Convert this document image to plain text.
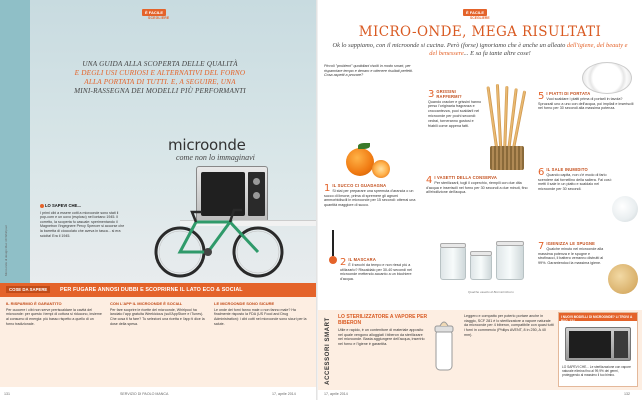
È FACILE
SCEGLIERE
UNA GUIDA ALLA SCOPERTA DELLE QUALITÀ
E DEGLI USI CURIOSI E ALTERNATIVI DEL FORNO
ALLA PORTATA DI TUTTI. E, A SEGUIRE, UNA
MINI-RASSEGNA DEI MODELLI PIÙ PERFORMANTI
microonde
come non lo immaginavi
LO SAPEVI CHE...
I primi cibi a essere cotti a microonde sono stati il pop-corn e un uovo (esploso) nel lontano 1945. Il corretto, la scoperta fu casuale: sperimentando il Magnetron l'ingegnere Percy Spencer si accorse che la barretta di cioccolato che aveva in tasca... si era sciolta! Era il 1945.
Microonde di design Mac 30 Whirlpool
COSE DA SAPERE	PER FUGARE ANNOSI DUBBI E SCOPRIRNE IL LATO ECO & SOCIAL
IL RISPARMIO È GARANTITO
Per cuocere i cibi non serve preriscaldare la cavità del microonde: per questo i tempi di cottura si riducono, insieme al consumo di energia: più basso rispetto a quello di un forno tradizionale.
CON L'APP IL MICROONDE È SOCIAL
Per fare scoprire le ricette del microonde, Whirlpool ha lanciato l'app gratuita Weekicious (sull'AppStore e iTunes). Che cosa ti fa fare? Tu selezioni una ricetta e l'app ti dice la dose della spesa.
LE MICROONDE SONO SICURE
Le onde dei forni fanno male o non fanno male? Ha finalmente risposto la FDA (US Food and Drug Administration): i cibi cotti nel microonde sono sicuri per la salute.
131	SERVIZIO DI PAOLO MANCA	17, aprile 2014
È FACILE
SCEGLIERE
MICRO-ONDE, MEGA RISULTATI
Ok lo sappiamo, con il microonde si cucina. Però (forse) ignoriamo che è anche un alleato dell'igiene, del beauty e del benessere... E sa fa tante altre cose!
Piccoli "problemi" quotidiani risolti in modo smart, per risparmiare tempo e denaro e ottenere risultati perfetti. Cosa aspetti a provare?
1 IL SUCCO CI GUADAGNA
Si stai per preparare una spremuta d'arancia o un succo di limone, prima di spremere gli agrumi ammorbidiscili in microonde per 15 secondi: otterrai una quantità maggiore di succo.
2 IL MASCARA
È il secchi da tempo e non riesci più a utilizzarlo? Riscaldalo per 30-40 secondi nel microonde mettendo accanto a un bicchiere d'acqua.
3 GRISSINI RAFFERMI?
Quando cracker e grissini hanno perso l'originaria fragranza e croccantezza, puoi scaldarli nel microonde per pochi secondi: vedrai, torneranno gustosi e friabili come appena fatti.
4 I VASETTI DELLA CONSERVA
Per sterilizzarli, togli il coperchio, riempili con due dita d'acqua e inseriscili nel forno per 30 secondi a due minuti, fino all'ebollizione dell'acqua.
Qualche vasetto di Bormioli Rocco
5 I PIATTI DI PORTATA
Vuoi scaldare i piatti prima di portarli in tavola? Spruzzali uno a uno con dell'acqua, poi impilali e inseriscili nel forno per 30 secondi alla massima potenza.
6 IL SALE INUMIDITO
Quando capita, non c'è modo di farlo scendere dal fornellino della saliera. Fai così: metti il sale in un piatto e scaldalo nel microonde per 30 secondi.
7 IGIENIZZA LE SPUGNE
Qualche minuto nel microonde alla massima potenza e le spugne e strofinacci, li battero verranno distrutti al 99%. Garantendoci la massima igiene.
ACCESSORI SMART
LO STERILIZZATORE A VAPORE PER BIBERON
Utile e rapido, è un contenitore di materiale apposito nel quale vengono alloggiati i biberon da sterilizzare nel microonde. Basta aggiungere dell'acqua, inserirlo nel forno e l'igiene è garantita.
Leggero e compatto per poterlo portare anche in viaggio, SCF 281 è lo sterilizzatore a vapore naturale da microonde per 4 biberon, compatibile con quasi tutti i forni in commercio (Philips AVENT, 8 in 250, A 40 mm).
I NUOVI MODELLI DI MICROONDE? LI TROVI A PAG. 134
LO SAPEVI CHE... Le sterilizzazione con vapore naturale elimina fino al 99,9% dei germi, proteggendo al massimo il tuo bimbo.
17, aprile 2014	132
